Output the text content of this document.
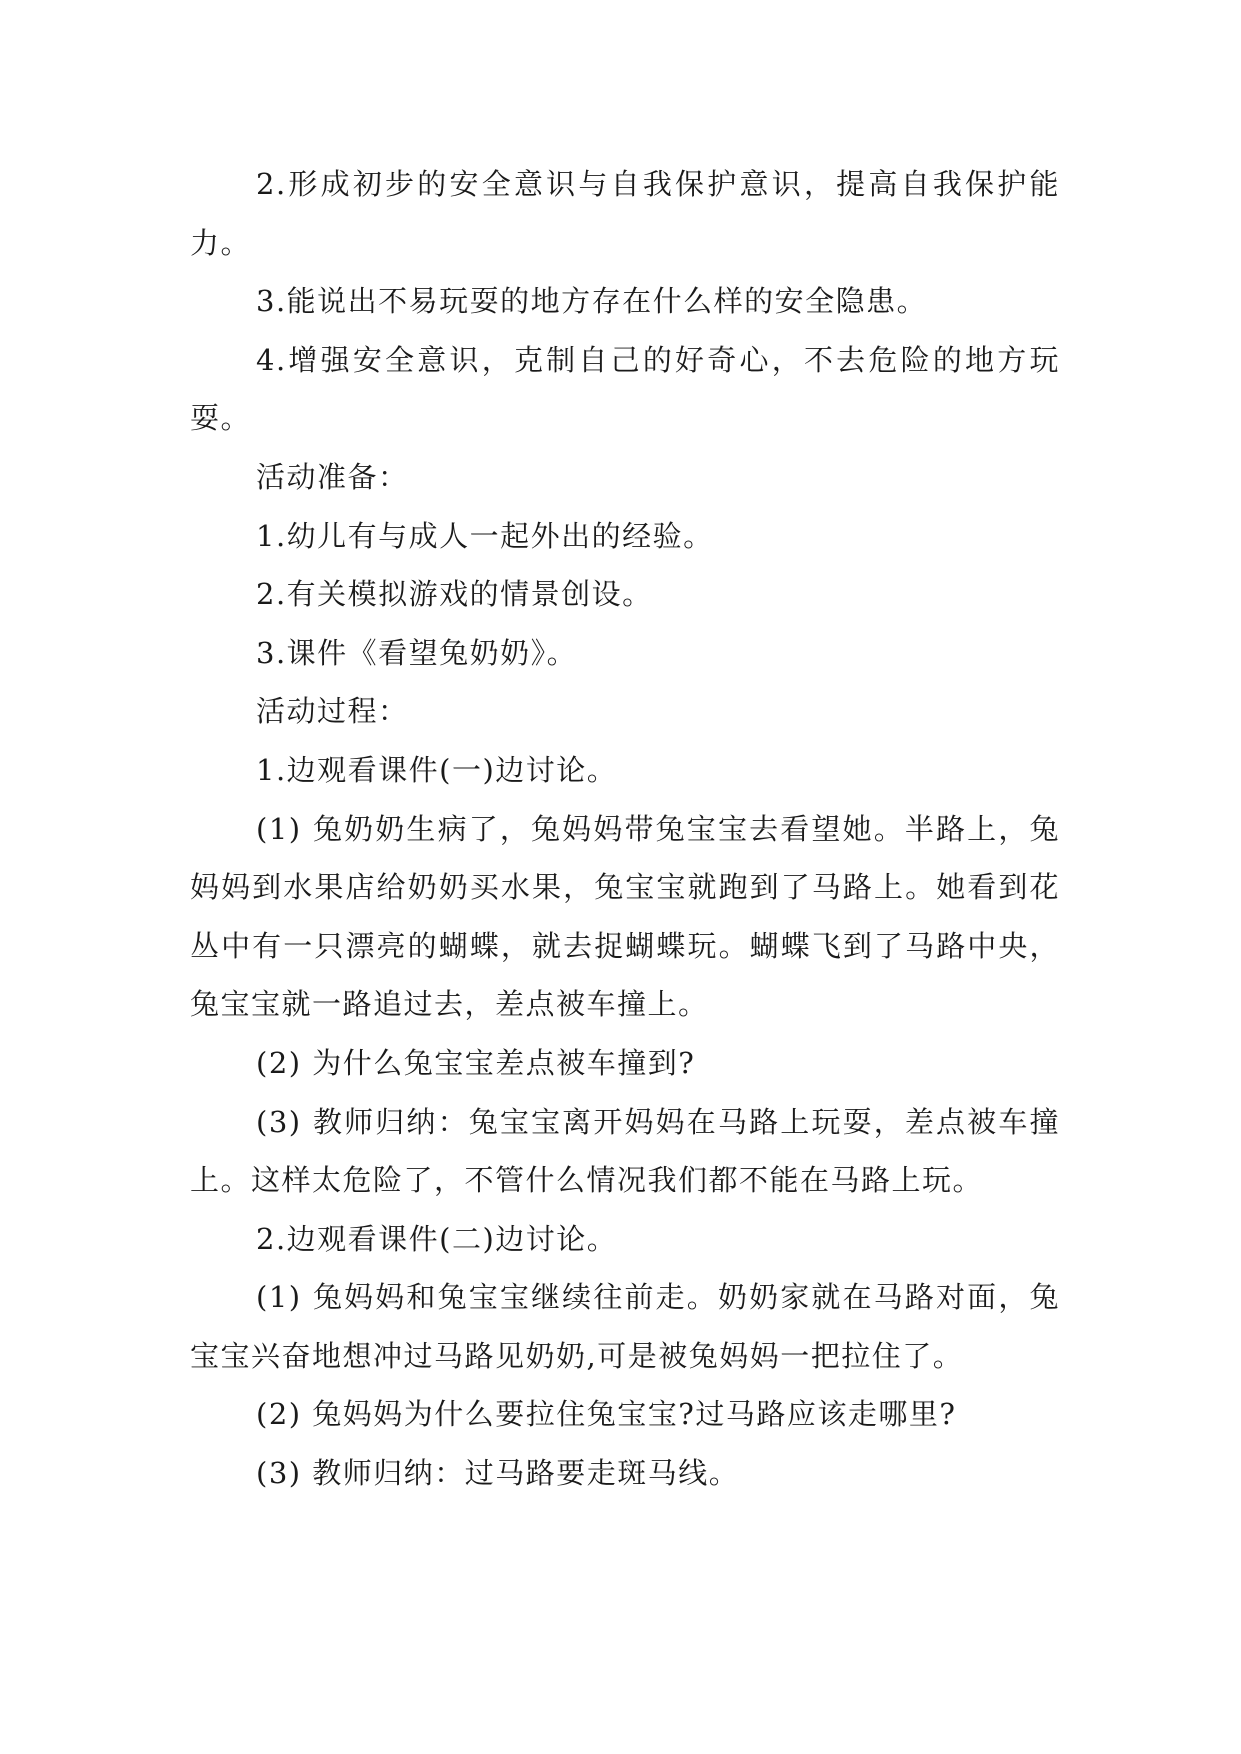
2.形成初步的安全意识与自我保护意识，提高自我保护能力。

3.能说出不易玩耍的地方存在什么样的安全隐患。

4.增强安全意识，克制自己的好奇心，不去危险的地方玩耍。

活动准备：

1.幼儿有与成人一起外出的经验。

2.有关模拟游戏的情景创设。

3.课件《看望兔奶奶》。

活动过程：

1.边观看课件(一)边讨论。

(1) 兔奶奶生病了，兔妈妈带兔宝宝去看望她。半路上，兔妈妈到水果店给奶奶买水果，兔宝宝就跑到了马路上。她看到花丛中有一只漂亮的蝴蝶，就去捉蝴蝶玩。蝴蝶飞到了马路中央，兔宝宝就一路追过去，差点被车撞上。

(2) 为什么兔宝宝差点被车撞到?

(3) 教师归纳：兔宝宝离开妈妈在马路上玩耍，差点被车撞上。这样太危险了，不管什么情况我们都不能在马路上玩。

2.边观看课件(二)边讨论。

(1) 兔妈妈和兔宝宝继续往前走。奶奶家就在马路对面，兔宝宝兴奋地想冲过马路见奶奶,可是被兔妈妈一把拉住了。

(2) 兔妈妈为什么要拉住兔宝宝?过马路应该走哪里?

(3) 教师归纳：过马路要走斑马线。
